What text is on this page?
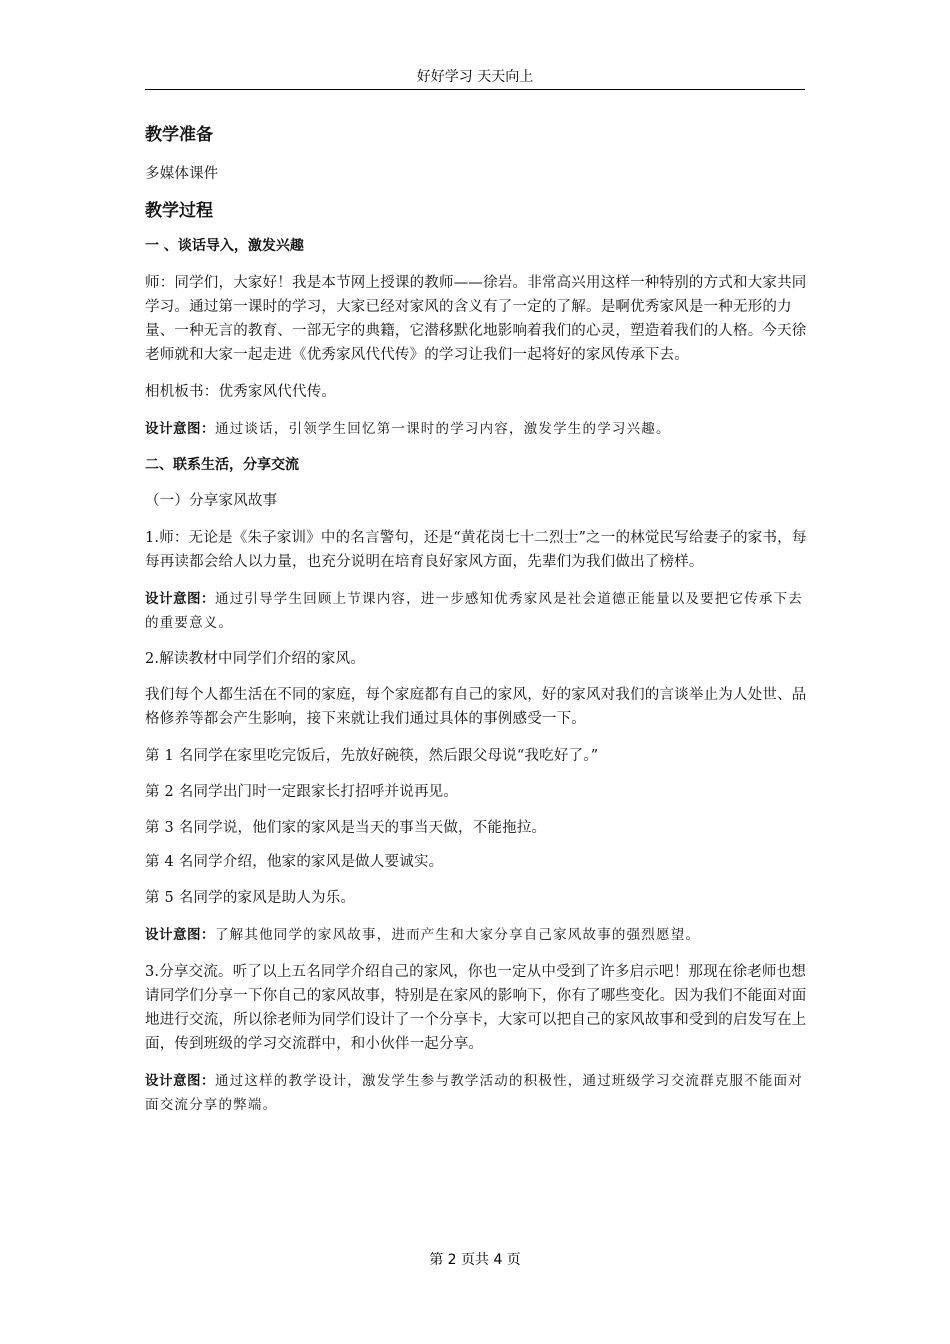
好好学习 天天向上
教学准备
多媒体课件
教学过程
一 、谈话导入，激发兴趣
师：同学们，大家好！我是本节网上授课的教师——徐岩。非常高兴用这样一种特别的方式和大家共同学习。通过第一课时的学习，大家已经对家风的含义有了一定的了解。是啊优秀家风是一种无形的力量、一种无言的教育、一部无字的典籍，它潜移默化地影响着我们的心灵，塑造着我们的人格。今天徐老师就和大家一起走进《优秀家风代代传》的学习让我们一起将好的家风传承下去。
相机板书：优秀家风代代传。
设计意图：通过谈话，引领学生回忆第一课时的学习内容，激发学生的学习兴趣。
二、联系生活，分享交流
（一）分享家风故事
1.师：无论是《朱子家训》中的名言警句，还是“黄花岗七十二烈士”之一的林觉民写给妻子的家书，每每再读都会给人以力量，也充分说明在培育良好家风方面，先辈们为我们做出了榜样。
设计意图：通过引导学生回顾上节课内容，进一步感知优秀家风是社会道德正能量以及要把它传承下去的重要意义。
2.解读教材中同学们介绍的家风。
我们每个人都生活在不同的家庭，每个家庭都有自己的家风，好的家风对我们的言谈举止为人处世、品格修养等都会产生影响，接下来就让我们通过具体的事例感受一下。
第 1 名同学在家里吃完饭后，先放好碗筷，然后跟父母说“我吃好了。”
第 2 名同学出门时一定跟家长打招呼并说再见。
第 3 名同学说，他们家的家风是当天的事当天做，不能拖拉。
第 4 名同学介绍，他家的家风是做人要诚实。
第 5 名同学的家风是助人为乐。
设计意图：了解其他同学的家风故事，进而产生和大家分享自己家风故事的强烈愿望。
3.分享交流。听了以上五名同学介绍自己的家风，你也一定从中受到了许多启示吧！那现在徐老师也想请同学们分享一下你自己的家风故事，特别是在家风的影响下，你有了哪些变化。因为我们不能面对面地进行交流，所以徐老师为同学们设计了一个分享卡，大家可以把自己的家风故事和受到的启发写在上面，传到班级的学习交流群中，和小伙伴一起分享。
设计意图：通过这样的教学设计，激发学生参与教学活动的积极性，通过班级学习交流群克服不能面对面交流分享的弊端。
第 2 页共 4 页
